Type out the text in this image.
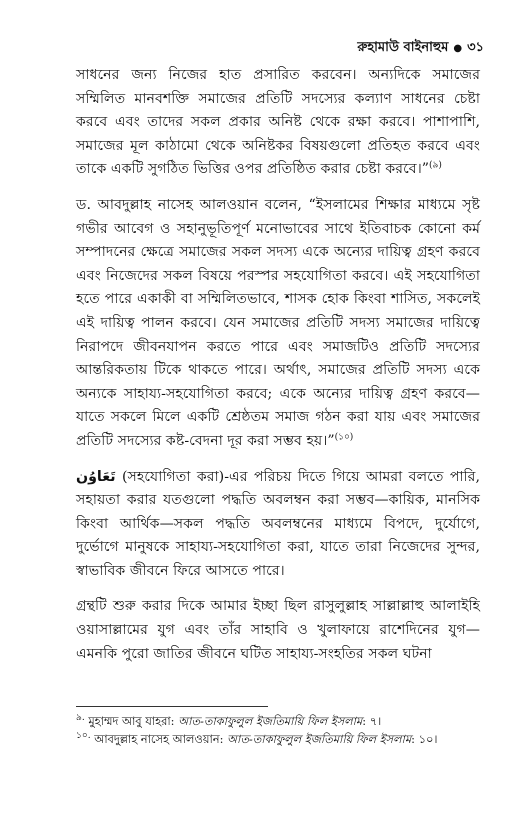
রুহামাউ বাইনাহুম ● ৩১

সাধনের জন্য নিজের হাত প্রসারিত করবেন। অন্যদিকে সমাজের সম্মিলিত মানবশক্তি সমাজের প্রতিটি সদস্যের কল্যাণ সাধনের চেষ্টা করবে এবং তাদের সকল প্রকার অনিষ্ট থেকে রক্ষা করবে। পাশাপাশি, সমাজের মূল কাঠামো থেকে অনিষ্টকর বিষয়গুলো প্রতিহত করবে এবং তাকে একটি সুগঠিত ভিত্তির ওপর প্রতিষ্ঠিত করার চেষ্টা করবে।”$^{(৯)}$

ড. আবদুল্লাহ নাসেহ আলওয়ান বলেন, “ইসলামের শিক্ষার মাধ্যমে সৃষ্ট গভীর আবেগ ও সহানুভূতিপূর্ণ মনোভাবের সাথে ইতিবাচক কোনো কর্ম সম্পাদনের ক্ষেত্রে সমাজের সকল সদস্য একে অন্যের দায়িত্ব গ্রহণ করবে এবং নিজেদের সকল বিষয়ে পরস্পর সহযোগিতা করবে। এই সহযোগিতা হতে পারে একাকী বা সম্মিলিতভাবে, শাসক হোক কিংবা শাসিত, সকলেই এই দায়িত্ব পালন করবে। যেন সমাজের প্রতিটি সদস্য সমাজের দায়িত্বে নিরাপদে জীবনযাপন করতে পারে এবং সমাজটিও প্রতিটি সদস্যের আন্তরিকতায় টিকে থাকতে পারে। অর্থাৎ, সমাজের প্রতিটি সদস্য একে অন্যকে সাহায্য-সহযোগিতা করবে; একে অন্যের দায়িত্ব গ্রহণ করবে—যাতে সকলে মিলে একটি শ্রেষ্ঠতম সমাজ গঠন করা যায় এবং সমাজের প্রতিটি সদস্যের কষ্ট-বেদনা দূর করা সম্ভব হয়।”$^{(১০)}$

تَعَاوُن (সহযোগিতা করা)-এর পরিচয় দিতে গিয়ে আমরা বলতে পারি, সহায়তা করার যতগুলো পদ্ধতি অবলম্বন করা সম্ভব—কায়িক, মানসিক কিংবা আর্থিক—সকল পদ্ধতি অবলম্বনের মাধ্যমে বিপদে, দুর্যোগে, দুর্ভোগে মানুষকে সাহায্য-সহযোগিতা করা, যাতে তারা নিজেদের সুন্দর, স্বাভাবিক জীবনে ফিরে আসতে পারে।

গ্রন্থটি শুরু করার দিকে আমার ইচ্ছা ছিল রাসুলুল্লাহ সাল্লাল্লাহু আলাইহি ওয়াসাল্লামের যুগ এবং তাঁর সাহাবি ও খুলাফায়ে রাশেদিনের যুগ—এমনকি পুরো জাতির জীবনে ঘটিত সাহায্য-সংহতির সকল ঘটনা

$^{৯.}$ মুহাম্মদ আবু যাহরা: আত-তাকাফুলুল ইজতিমায়ি ফিল ইসলাম: ৭।

$^{১০.}$ আবদুল্লাহ নাসেহ আলওয়ান: আত-তাকাফুলুল ইজতিমায়ি ফিল ইসলাম: ১০।
